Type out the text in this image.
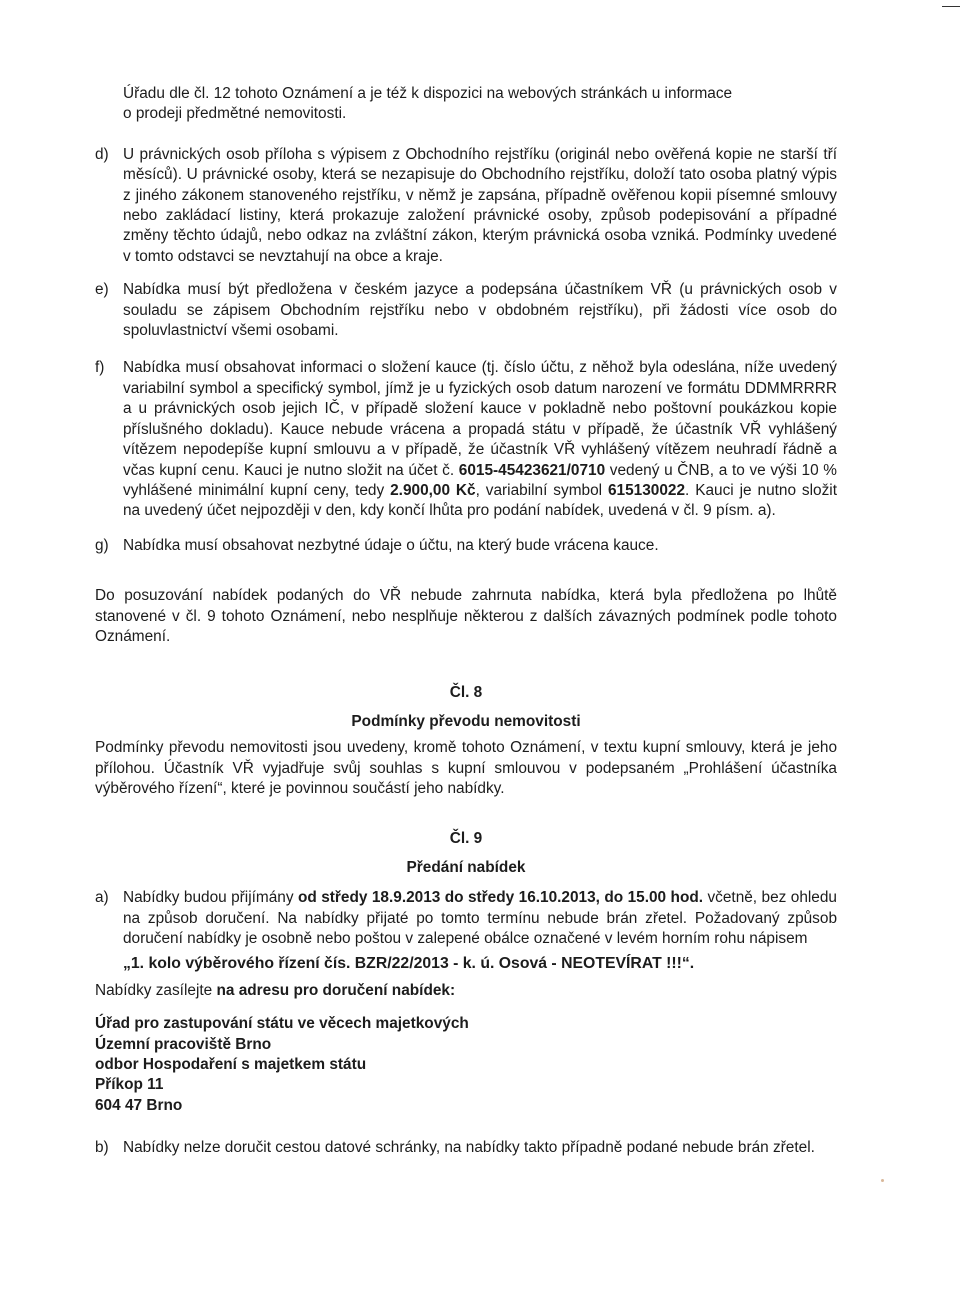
Úřadu dle čl. 12 tohoto Oznámení a je též k dispozici na webových stránkách u informace
o prodeji předmětné nemovitosti.
d) U právnických osob příloha s výpisem z Obchodního rejstříku (originál nebo ověřená kopie ne starší tří měsíců). U právnické osoby, která se nezapisuje do Obchodního rejstříku, doloží tato osoba platný výpis z jiného zákonem stanoveného rejstříku, v němž je zapsána, případně ověřenou kopii písemné smlouvy nebo zakládací listiny, která prokazuje založení právnické osoby, způsob podepisování a případné změny těchto údajů, nebo odkaz na zvláštní zákon, kterým právnická osoba vzniká. Podmínky uvedené v tomto odstavci se nevztahují na obce a kraje.
e) Nabídka musí být předložena v českém jazyce a podepsána účastníkem VŘ (u právnických osob v souladu se zápisem Obchodním rejstříku nebo v obdobném rejstříku), při žádosti více osob do spoluvlastnictví všemi osobami.
f) Nabídka musí obsahovat informaci o složení kauce (tj. číslo účtu, z něhož byla odeslána, níže uvedený variabilní symbol a specifický symbol, jímž je u fyzických osob datum narození ve formátu DDMMRRRR a u právnických osob jejich IČ, v případě složení kauce v pokladně nebo poštovní poukázkou kopie příslušného dokladu). Kauce nebude vrácena a propadá státu v případě, že účastník VŘ vyhlášený vítězem nepodepíše kupní smlouvu a v případě, že účastník VŘ vyhlášený vítězem neuhradí řádně a včas kupní cenu. Kauci je nutno složit na účet č. 6015-45423621/0710 vedený u ČNB, a to ve výši 10 % vyhlášené minimální kupní ceny, tedy 2.900,00 Kč, variabilní symbol 615130022. Kauci je nutno složit na uvedený účet nejpozději v den, kdy končí lhůta pro podání nabídek, uvedená v čl. 9 písm. a).
g) Nabídka musí obsahovat nezbytné údaje o účtu, na který bude vrácena kauce.
Do posuzování nabídek podaných do VŘ nebude zahrnuta nabídka, která byla předložena po lhůtě stanovené v čl. 9 tohoto Oznámení, nebo nesplňuje některou z dalších závazných podmínek podle tohoto Oznámení.
Čl. 8
Podmínky převodu nemovitosti
Podmínky převodu nemovitosti jsou uvedeny, kromě tohoto Oznámení, v textu kupní smlouvy, která je jeho přílohou. Účastník VŘ vyjadřuje svůj souhlas s kupní smlouvou v podepsaném „Prohlášení účastníka výběrového řízení“, které je povinnou součástí jeho nabídky.
Čl. 9
Předání nabídek
a) Nabídky budou přijímány od středy 18.9.2013 do středy 16.10.2013, do 15.00 hod. včetně, bez ohledu na způsob doručení. Na nabídky přijaté po tomto termínu nebude brán zřetel. Požadovaný způsob doručení nabídky je osobně nebo poštou v zalepené obálce označené v levém horním rohu nápisem
„1. kolo výběrového řízení čís. BZR/22/2013 - k. ú. Osová - NEOTEVÍRAT !!!“.
Nabídky zasílejte na adresu pro doručení nabídek:
Úřad pro zastupování státu ve věcech majetkových
Územní pracoviště Brno
odbor Hospodaření s majetkem státu
Příkop 11
604 47 Brno
b) Nabídky nelze doručit cestou datové schránky, na nabídky takto případně podané nebude brán zřetel.
